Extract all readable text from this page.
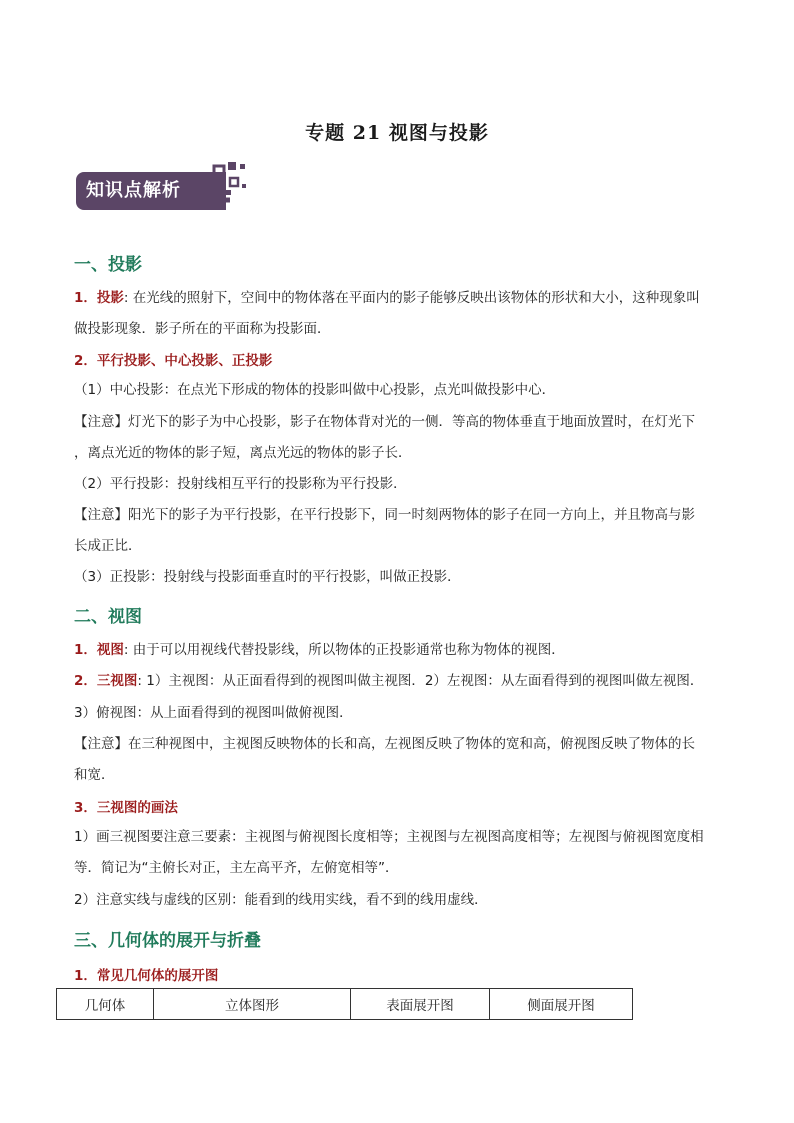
专题 21 视图与投影
知识点解析
一、投影
1．投影: 在光线的照射下，空间中的物体落在平面内的影子能够反映出该物体的形状和大小，这种现象叫
做投影现象．影子所在的平面称为投影面．
2．平行投影、中心投影、正投影
（1）中心投影：在点光下形成的物体的投影叫做中心投影，点光叫做投影中心．
【注意】灯光下的影子为中心投影，影子在物体背对光的一侧．等高的物体垂直于地面放置时，在灯光下
，离点光近的物体的影子短，离点光远的物体的影子长．
（2）平行投影：投射线相互平行的投影称为平行投影．
【注意】阳光下的影子为平行投影，在平行投影下，同一时刻两物体的影子在同一方向上，并且物高与影
长成正比．
（3）正投影：投射线与投影面垂直时的平行投影，叫做正投影．
二、视图
1．视图: 由于可以用视线代替投影线，所以物体的正投影通常也称为物体的视图．
2．三视图: 1）主视图：从正面看得到的视图叫做主视图．2）左视图：从左面看得到的视图叫做左视图．
3）俯视图：从上面看得到的视图叫做俯视图．
【注意】在三种视图中，主视图反映物体的长和高，左视图反映了物体的宽和高，俯视图反映了物体的长
和宽．
3．三视图的画法
1）画三视图要注意三要素：主视图与俯视图长度相等；主视图与左视图高度相等；左视图与俯视图宽度相
等．简记为“主俯长对正，主左高平齐，左俯宽相等”．
2）注意实线与虚线的区别：能看到的线用实线，看不到的线用虚线．
三、几何体的展开与折叠
1．常见几何体的展开图
几何体	立体图形	表面展开图	侧面展开图
